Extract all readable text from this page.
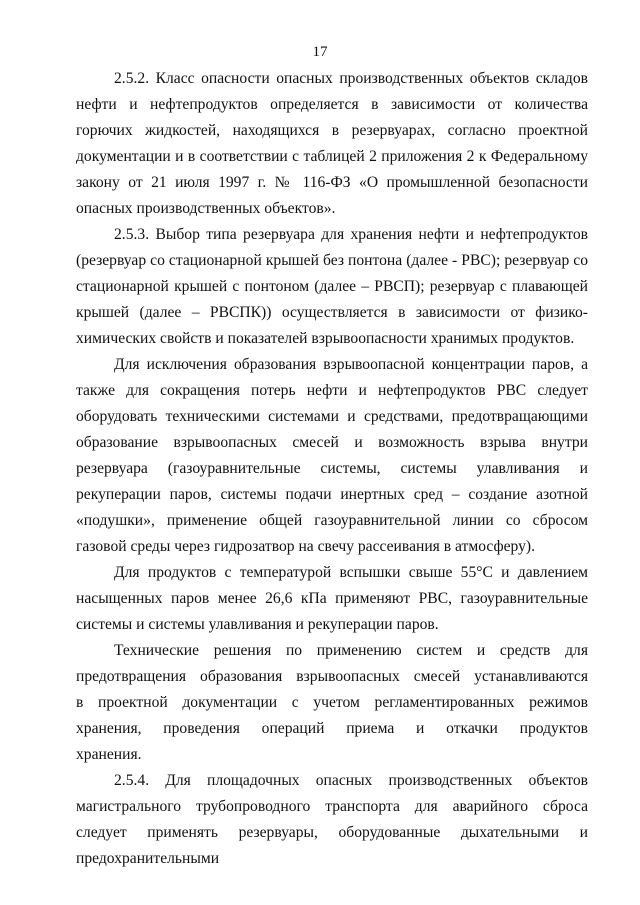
17

2.5.2. Класс опасности опасных производственных объектов складов нефти и нефтепродуктов определяется в зависимости от количества горючих жидкостей, находящихся в резервуарах, согласно проектной документации и в соответствии с таблицей 2 приложения 2 к Федеральному закону от 21 июля 1997 г. № 116-ФЗ «О промышленной безопасности опасных производственных объектов».

2.5.3. Выбор типа резервуара для хранения нефти и нефтепродуктов (резервуар со стационарной крышей без понтона (далее - РВС); резервуар со стационарной крышей с понтоном (далее – РВСП); резервуар с плавающей крышей (далее – РВСПК)) осуществляется в зависимости от физико-химических свойств и показателей взрывоопасности хранимых продуктов.

Для исключения образования взрывоопасной концентрации паров, а также для сокращения потерь нефти и нефтепродуктов РВС следует оборудовать техническими системами и средствами, предотвращающими образование взрывоопасных смесей и возможность взрыва внутри резервуара (газоуравнительные системы, системы улавливания и рекуперации паров, системы подачи инертных сред – создание азотной «подушки», применение общей газоуравнительной линии со сбросом газовой среды через гидрозатвор на свечу рассеивания в атмосферу).

Для продуктов с температурой вспышки свыше 55°С и давлением насыщенных паров менее 26,6 кПа применяют РВС, газоуравнительные системы и системы улавливания и рекуперации паров.

Технические решения по применению систем и средств для предотвращения образования взрывоопасных смесей устанавливаются в проектной документации с учетом регламентированных режимов хранения, проведения операций приема и откачки продуктов хранения.

2.5.4. Для площадочных опасных производственных объектов магистрального трубопроводного транспорта для аварийного сброса следует применять резервуары, оборудованные дыхательными и предохранительными
